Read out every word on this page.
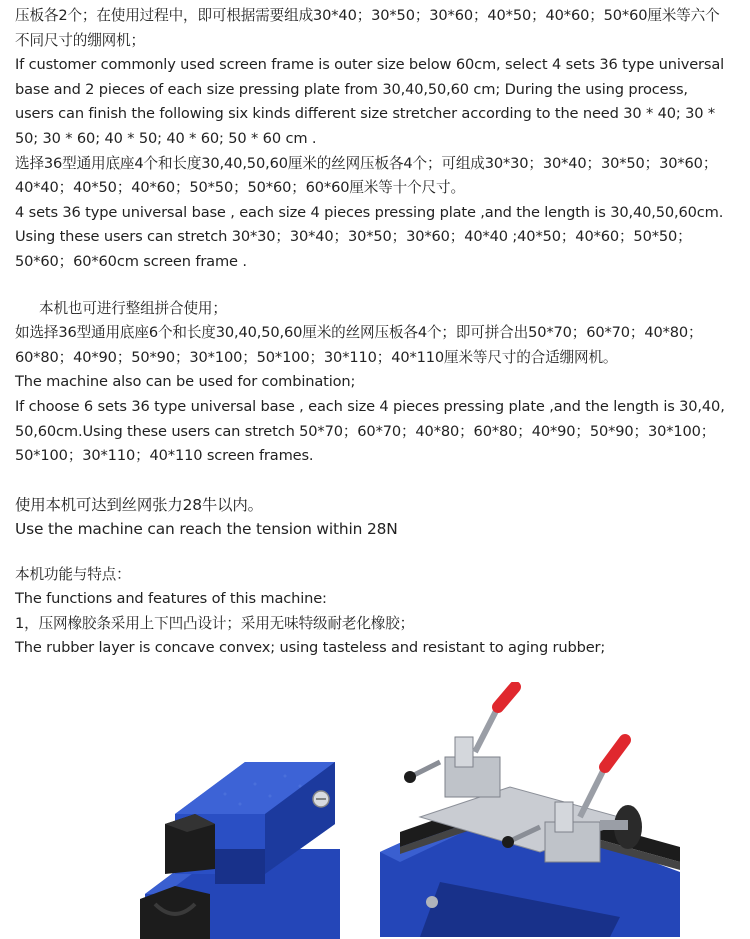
压板各2个；在使用过程中，即可根据需要组成30*40；30*50；30*60；40*50；40*60；50*60厘米等六个不同尺寸的绷网机；

If customer commonly used screen frame is outer size below 60cm, select 4 sets 36 type universal base and 2 pieces of each size pressing plate from 30,40,50,60 cm; During the using process, users can finish the following six kinds different size stretcher according to the need 30 * 40; 30 * 50; 30 * 60; 40 * 50; 40 * 60; 50 * 60 cm .

选择36型通用底座4个和长度30,40,50,60厘米的丝网压板各4个；可组成30*30；30*40；30*50；30*60；40*40；40*50；40*60；50*50；50*60；60*60厘米等十个尺寸。

4 sets 36 type universal base , each size 4 pieces pressing plate ,and the length is 30,40,50,60cm. Using these users can stretch 30*30；30*40；30*50；30*60；40*40 ;40*50；40*60；50*50；50*60；60*60cm screen frame .

本机也可进行整组拼合使用；

如选择36型通用底座6个和长度30,40,50,60厘米的丝网压板各4个；即可拼合出50*70；60*70；40*80；60*80；40*90；50*90；30*100；50*100；30*110；40*110厘米等尺寸的合适绷网机。

The machine also can be used for combination;

If choose 6 sets 36 type universal base , each size 4 pieces pressing plate ,and the length is 30,40, 50,60cm.Using these users can stretch 50*70；60*70；40*80；60*80；40*90；50*90；30*100；50*100；30*110；40*110 screen frames.

使用本机可达到丝网张力28牛以内。

Use the machine can reach the tension within 28N

本机功能与特点：

The functions and features of this machine:

1，压网橡胶条采用上下凹凸设计；采用无味特级耐老化橡胶；

The rubber layer is concave convex; using tasteless and resistant to aging rubber;
